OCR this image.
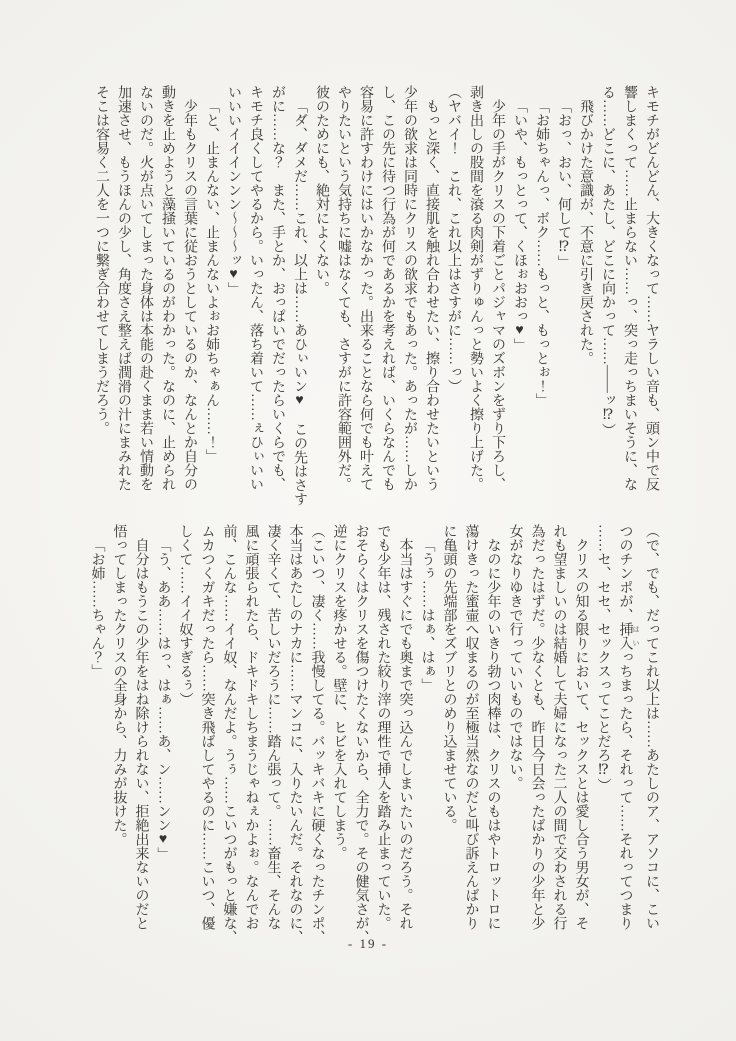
キモチがどんどん、大きくなって……ヤラしい音も、頭ン中で反

響しまくって……止まらない……っ、突っ走っちまいそうに、な

る……どこに、あたし、どこに向かって……――ッ⁉）

飛びかけた意識が、不意に引き戻された。

「おっ、おい、何して⁉」

「お姉ちゃんっ、ボク……もっと、もっとぉ！」

「いや、もっとって、くほぉおおっ♥」

少年の手がクリスの下着ごとパジャマのズボンをずり下ろし、

剥き出しの股間を滾る肉剣がずりゅんっと勢いよく擦り上げた。

（ヤバイ！　これ、これ以上はさすがに……っ）

もっと深く、直接肌を触れ合わせたい、擦り合わせたいという

少年の欲求は同時にクリスの欲求でもあった。あったが……しか

し、この先に待つ行為が何であるかを考えれば、いくらなんでも

容易に許すわけにはいかなかった。出来ることなら何でも叶えて

やりたいという気持ちに嘘はなくても、さすがに許容範囲外だ。

彼のためにも、絶対によくない。

「ダ、ダメだ……これ、以上は……あひぃいン♥　この先はさす

がに……な？　また、手とか、おっぱいでだったらいくらでも、

キモチ良くしてやるから。いったん、落ち着いて……ぇひぃいい

いいいイイインンン～～～ッ♥」

「と、止まんない、止まんないよぉお姉ちゃぁん……！」

少年もクリスの言葉に従おうとしているのか、なんとか自分の

動きを止めようと藻掻いているのがわかった。なのに、止められ

ないのだ。火が点いてしまった身体は本能の赴くまま若い情動を

加速させ、もうほんの少し、角度さえ整えば潤滑の汁にまみれた

そこは容易く二人を一つに繋ぎ合わせてしまうだろう。

（で、でも、だってこれ以上は……あたしのア、アソコに、こい

つのチンポが、挿入 はいっちまったら、それって……それってつまり

……セ、セセ、セックスってことだろ⁉）

クリスの知る限りにおいて、セックスとは愛し合う男女が、そ

れも望ましいのは結婚して夫婦になった二人の間で交わされる行

為だったはずだ。少なくとも、昨日今日会ったばかりの少年と少

女がなりゆきで行っていいものではない。

なのに少年のいきり勃つ肉棒は、クリスのもはやトロットロに

蕩けきった蜜壷へ収まるのが至極当然なのだと叫び訴えんばかり

に亀頭の先端部をズブリとのめり込ませている。

「うぅ……はぁ、はぁ」

本当はすぐにでも奥まで突っ込んでしまいたいのだろう。それ

でも少年は、残された絞り滓の理性で挿入を踏み止まっていた。

おそらくはクリスを傷つけたくないから、全力で。その健気さが、

逆にクリスを疼かせる。壁に、ヒビを入れてしまう。

（こいつ、凄く……我慢してる。バッキバキに硬くなったチンポ、

本当はあたしのナカに……マンコに、入りたいんだ。それなのに、

凄く辛くて、苦しいだろうに……踏ん張って。……畜生、そんな

風に頑張られたら、ドキドキしちまうじゃねぇかよぉ。なんでお

前、こんな……イイ奴、なんだよ。うぅ……こいつがもっと嫌な、

ムカつくガキだったら……突き飛ばしてやるのに……こいつ、優

しくて……イイ奴すぎるぅ）

「う、ああ……はっ、はぁ……あ、ン……ンン♥」

自分はもうこの少年をはね除けられない、拒絶出来ないのだと

悟ってしまったクリスの全身から、力みが抜けた。

「お姉……ちゃん？」

- 19 -
